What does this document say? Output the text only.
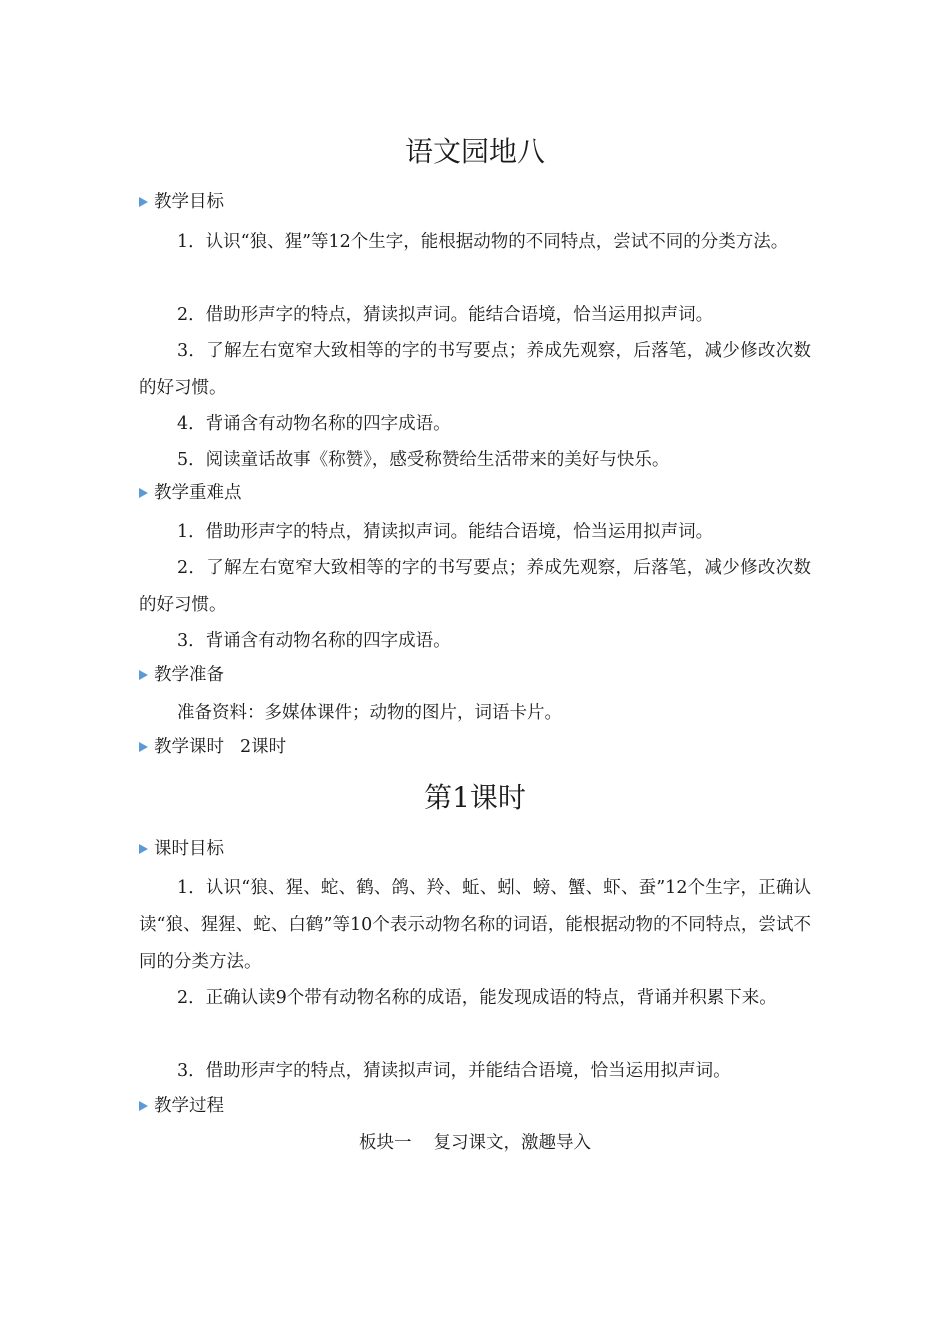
语文园地八
教学目标

1．认识“狼、猩”等12个生字，能根据动物的不同特点，尝试不同的分类方法。

2．借助形声字的特点，猜读拟声词。能结合语境，恰当运用拟声词。

3．了解左右宽窄大致相等的字的书写要点；养成先观察，后落笔，减少修改次数的好习惯。

4．背诵含有动物名称的四字成语。

5．阅读童话故事《称赞》，感受称赞给生活带来的美好与快乐。

教学重难点

1．借助形声字的特点，猜读拟声词。能结合语境，恰当运用拟声词。

2．了解左右宽窄大致相等的字的书写要点；养成先观察，后落笔，减少修改次数的好习惯。

3．背诵含有动物名称的四字成语。

教学准备

准备资料：多媒体课件；动物的图片，词语卡片。

教学课时 2课时
第1课时
课时目标

1．认识“狼、猩、蛇、鹤、鸽、羚、蚯、蚓、螃、蟹、虾、蚕”12个生字，正确认读“狼、猩猩、蛇、白鹤”等10个表示动物名称的词语，能根据动物的不同特点，尝试不同的分类方法。

2．正确认读9个带有动物名称的成语，能发现成语的特点，背诵并积累下来。

3．借助形声字的特点，猜读拟声词，并能结合语境，恰当运用拟声词。

教学过程
板块一 复习课文，激趣导入
